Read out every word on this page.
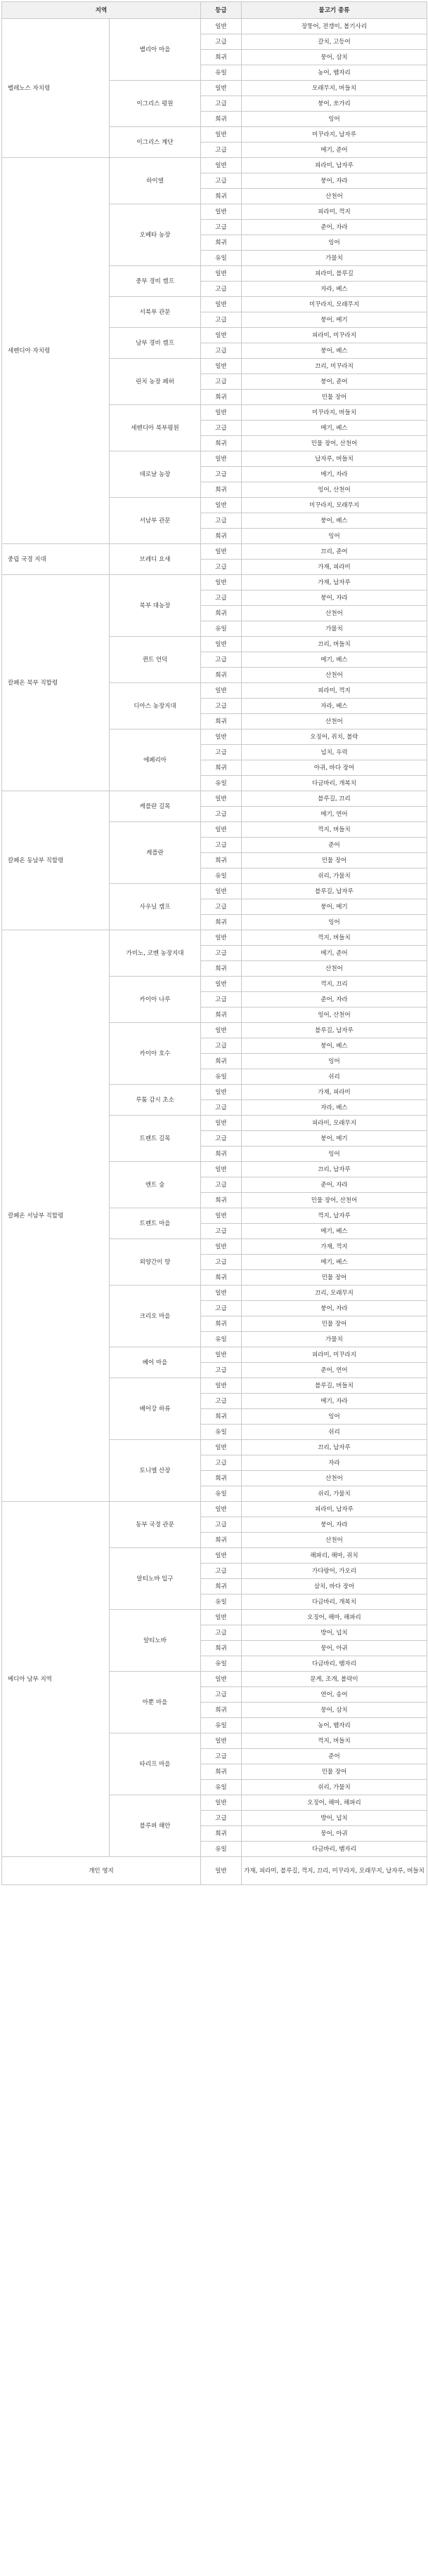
지역		등급	물고기 종류
벨레노스 자치령	벨리아 마을	일반	장뚱어, 전갱이, 볼기사리
		고급	갈치, 고등어
		희귀	뭉어, 삼치
		유일	농어, 뱀자리
	이그리스 평원	일반	모래무지, 버들치
		고급	붕어, 쏘가리
		희귀	잉어
	이그리스 계단	일반	미꾸라지, 납자루
		고급	메기, 준어
세렌디아 자치령	하이델	일반	피라미, 납자루
		고급	붕어, 자라
		희귀	산천어
	오베타 농장	일반	피라미, 꺽지
		고급	준어, 자라
		희귀	잉어
		유일	가물치
	중부 경비 캠프	일반	피라미, 블루길
		고급	자라, 베스
	서북부 관문	일반	미꾸라지, 모래무지
		고급	붕어, 메기
	남부 경비 캠프	일반	피라미, 미꾸라지
		고급	붕어, 베스
	린치 농장 폐허	일반	끄리, 미꾸라지
		고급	붕어, 준어
		희귀	민물 장어
	세렌디아 북부평원	일반	미꾸라지, 버들치
		고급	메기, 베스
		희귀	민물 장어, 산천어
	데로날 농장	일반	납자루, 버들치
		고급	메기, 자라
		희귀	잉어, 산천어
	서남부 관문	일반	미꾸라지, 모래무지
		고급	붕어, 베스
		희귀	잉어
중립 국경 지대	브레디 요새	일반	끄리, 준어
		고급	가재, 피라미
칼페온 북부 직할령	북부 대농장	일반	가재, 납자루
		고급	붕어, 자라
		희귀	산천어
		유일	가물치
	퀸트 언덕	일반	끄리, 버들치
		고급	메기, 베스
		희귀	산천어
	디아스 농장지대	일반	피라미, 꺽지
		고급	자라, 베스
		희귀	산천어
	에페리아	일반	오징어, 쥐치, 볼락
		고급	넙치, 우럭
		희귀	아귀, 바다 장어
		유일	다금바리, 개복치
칼페온 동남부 직할령	케플란 길목	일반	블루길, 끄리
		고급	메기, 연어
	케플란	일반	꺽지, 버들치
		고급	준어
		희귀	민물 장어
		유일	쉬리, 가물치
	사우닐 캠프	일반	블루길, 납자루
		고급	붕어, 메기
		희귀	잉어
칼페온 서남부 직할령	가비노, 코벤 농장지대	일반	꺽지, 버들치
		고급	메기, 준어
		희귀	산천어
	카이아 나루	일반	꺽지, 끄리
		고급	준어, 자라
		희귀	잉어, 산천어
	카이아 호수	일반	블루길, 납자루
		고급	붕어, 베스
		희귀	잉어
		유일	쉬리
	루툼 감시 초소	일반	가재, 피라미
		고급	자라, 베스
	트렌트 길목	일반	피라미, 모래무지
		고급	붕어, 메기
		희귀	잉어
	엔트 숲	일반	끄리, 납자루
		고급	준어, 자라
		희귀	민물 장어, 산천어
	트렌트 마을	일반	꺽지, 납자루
		고급	메기, 베스
	외양간이 땅	일반	가재, 꺽지
		고급	메기, 베스
		희귀	민물 장어
	크리오 마을	일반	끄리, 모래무지
		고급	붕어, 자라
		희귀	민물 장어
		유일	가물치
	베어 마을	일반	피라미, 미꾸라지
		고급	준어, 연어
	베어강 하류	일반	블루길, 버들치
		고급	메기, 자라
		희귀	잉어
		유일	쉬리
	토니엘 산장	일반	끄리, 납자루
		고급	자라
		희귀	산천어
		유일	쉬리, 가물치
메디아 남부 지역	동부 국경 관문	일반	피라미, 납자루
		고급	붕어, 자라
		희귀	산천어
	알티노바 입구	일반	해파리, 해마, 쥐치
		고급	가다랑어, 가오리
		희귀	삼치, 바다 장어
		유일	다금바리, 개복치
	알티노바	일반	오징어, 해마, 해파리
		고급	방어, 넙치
		희귀	뭉어, 아귀
		유일	다금바리, 뱀자리
	아뿐 마을	일반	문게, 조개, 볼락이
		고급	연어, 송어
		희귀	뭉어, 삼치
		유일	농어, 뱀자리
	타리프 마을	일반	꺽지, 버들치
		고급	준어
		희귀	민물 장어
		유일	쉬리, 가물치
	블루퍼 해안	일반	오징어, 해마, 해파리
		고급	방어, 넙치
		희귀	뭉어, 아귀
		유일	다금바리, 뱀자리
개인 영지		일반	가재, 피라미, 블루길, 꺽지, 끄리, 미꾸라지, 모래무지, 납자루, 버들치
